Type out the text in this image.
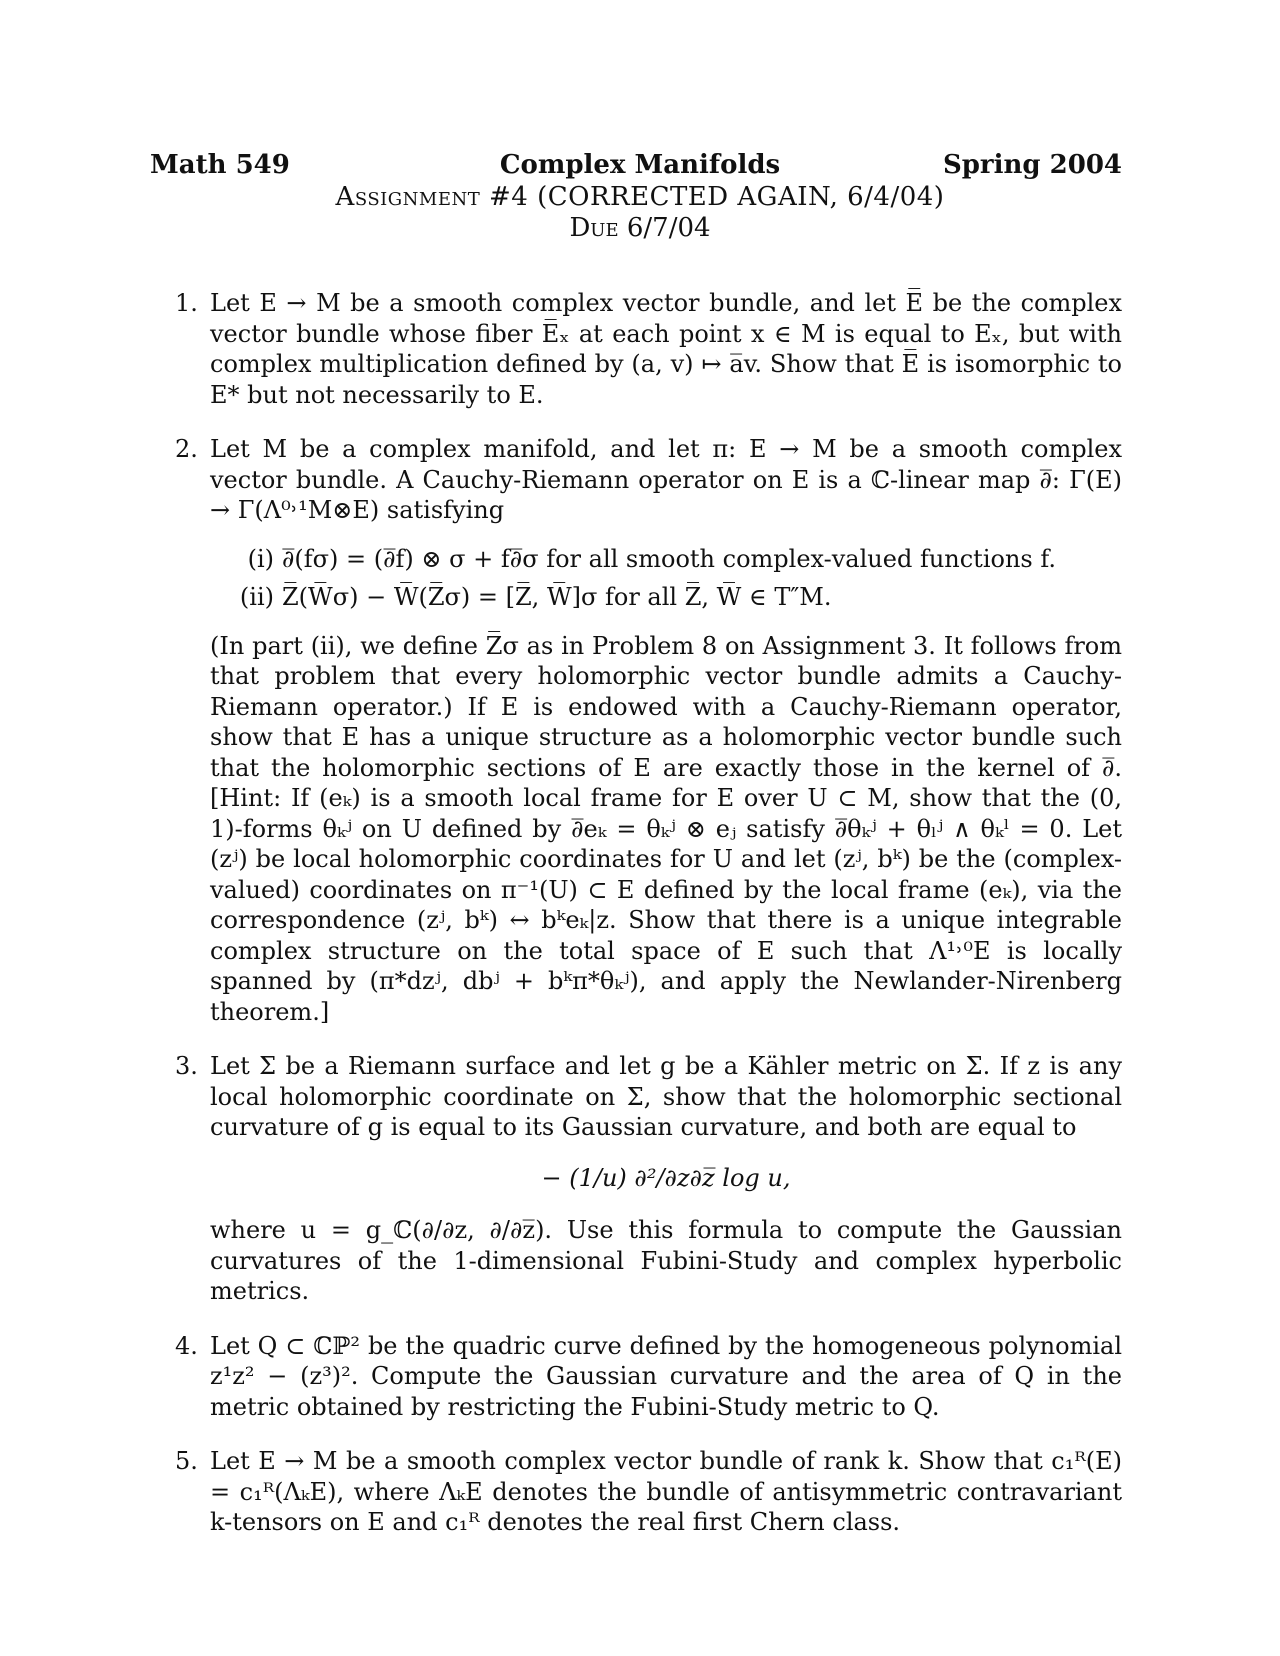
Math 549	Spring 2004
Complex Manifolds
Assignment #4 (CORRECTED AGAIN, 6/4/04)
Due 6/7/04
1. Let E → M be a smooth complex vector bundle, and let E̅ be the complex vector bundle whose fiber E̅ₓ at each point x ∈ M is equal to Eₓ, but with complex multiplication defined by (a, v) ↦ a̅v. Show that E̅ is isomorphic to E* but not necessarily to E.

2. Let M be a complex manifold, and let π: E → M be a smooth complex vector bundle. A Cauchy-Riemann operator on E is a ℂ-linear map ∂̅: Γ(E) → Γ(Λ⁰˒¹M⊗E) satisfying

(i) ∂̅(fσ) = (∂̅f) ⊗ σ + f∂̅σ for all smooth complex-valued functions f.
(ii) Z̅(W̅σ) − W̅(Z̅σ) = [Z̅, W̅]σ for all Z̅, W̅ ∈ T″M.

(In part (ii), we define Z̅σ as in Problem 8 on Assignment 3. It follows from that problem that every holomorphic vector bundle admits a Cauchy-Riemann operator.) If E is endowed with a Cauchy-Riemann operator, show that E has a unique structure as a holomorphic vector bundle such that the holomorphic sections of E are exactly those in the kernel of ∂̅. [Hint: If (eₖ) is a smooth local frame for E over U ⊂ M, show that the (0, 1)-forms θₖʲ on U defined by ∂̅eₖ = θₖʲ ⊗ eⱼ satisfy ∂̅θₖʲ + θₗʲ ∧ θₖˡ = 0. Let (zʲ) be local holomorphic coordinates for U and let (zʲ, bᵏ) be the (complex-valued) coordinates on π⁻¹(U) ⊂ E defined by the local frame (eₖ), via the correspondence (zʲ, bᵏ) ↔ bᵏeₖ|z. Show that there is a unique integrable complex structure on the total space of E such that Λ¹˒⁰E is locally spanned by (π*dzʲ, dbʲ + bᵏπ*θₖʲ), and apply the Newlander-Nirenberg theorem.]

3. Let Σ be a Riemann surface and let g be a Kähler metric on Σ. If z is any local holomorphic coordinate on Σ, show that the holomorphic sectional curvature of g is equal to its Gaussian curvature, and both are equal to

− (1/u) ∂²/∂z∂z̅ log u,

where u = g_ℂ(∂/∂z, ∂/∂z̅). Use this formula to compute the Gaussian curvatures of the 1-dimensional Fubini-Study and complex hyperbolic metrics.

4. Let Q ⊂ ℂℙ² be the quadric curve defined by the homogeneous polynomial z¹z² − (z³)². Compute the Gaussian curvature and the area of Q in the metric obtained by restricting the Fubini-Study metric to Q.

5. Let E → M be a smooth complex vector bundle of rank k. Show that c₁ᴿ(E) = c₁ᴿ(ΛₖE), where ΛₖE denotes the bundle of antisymmetric contravariant k-tensors on E and c₁ᴿ denotes the real first Chern class.
